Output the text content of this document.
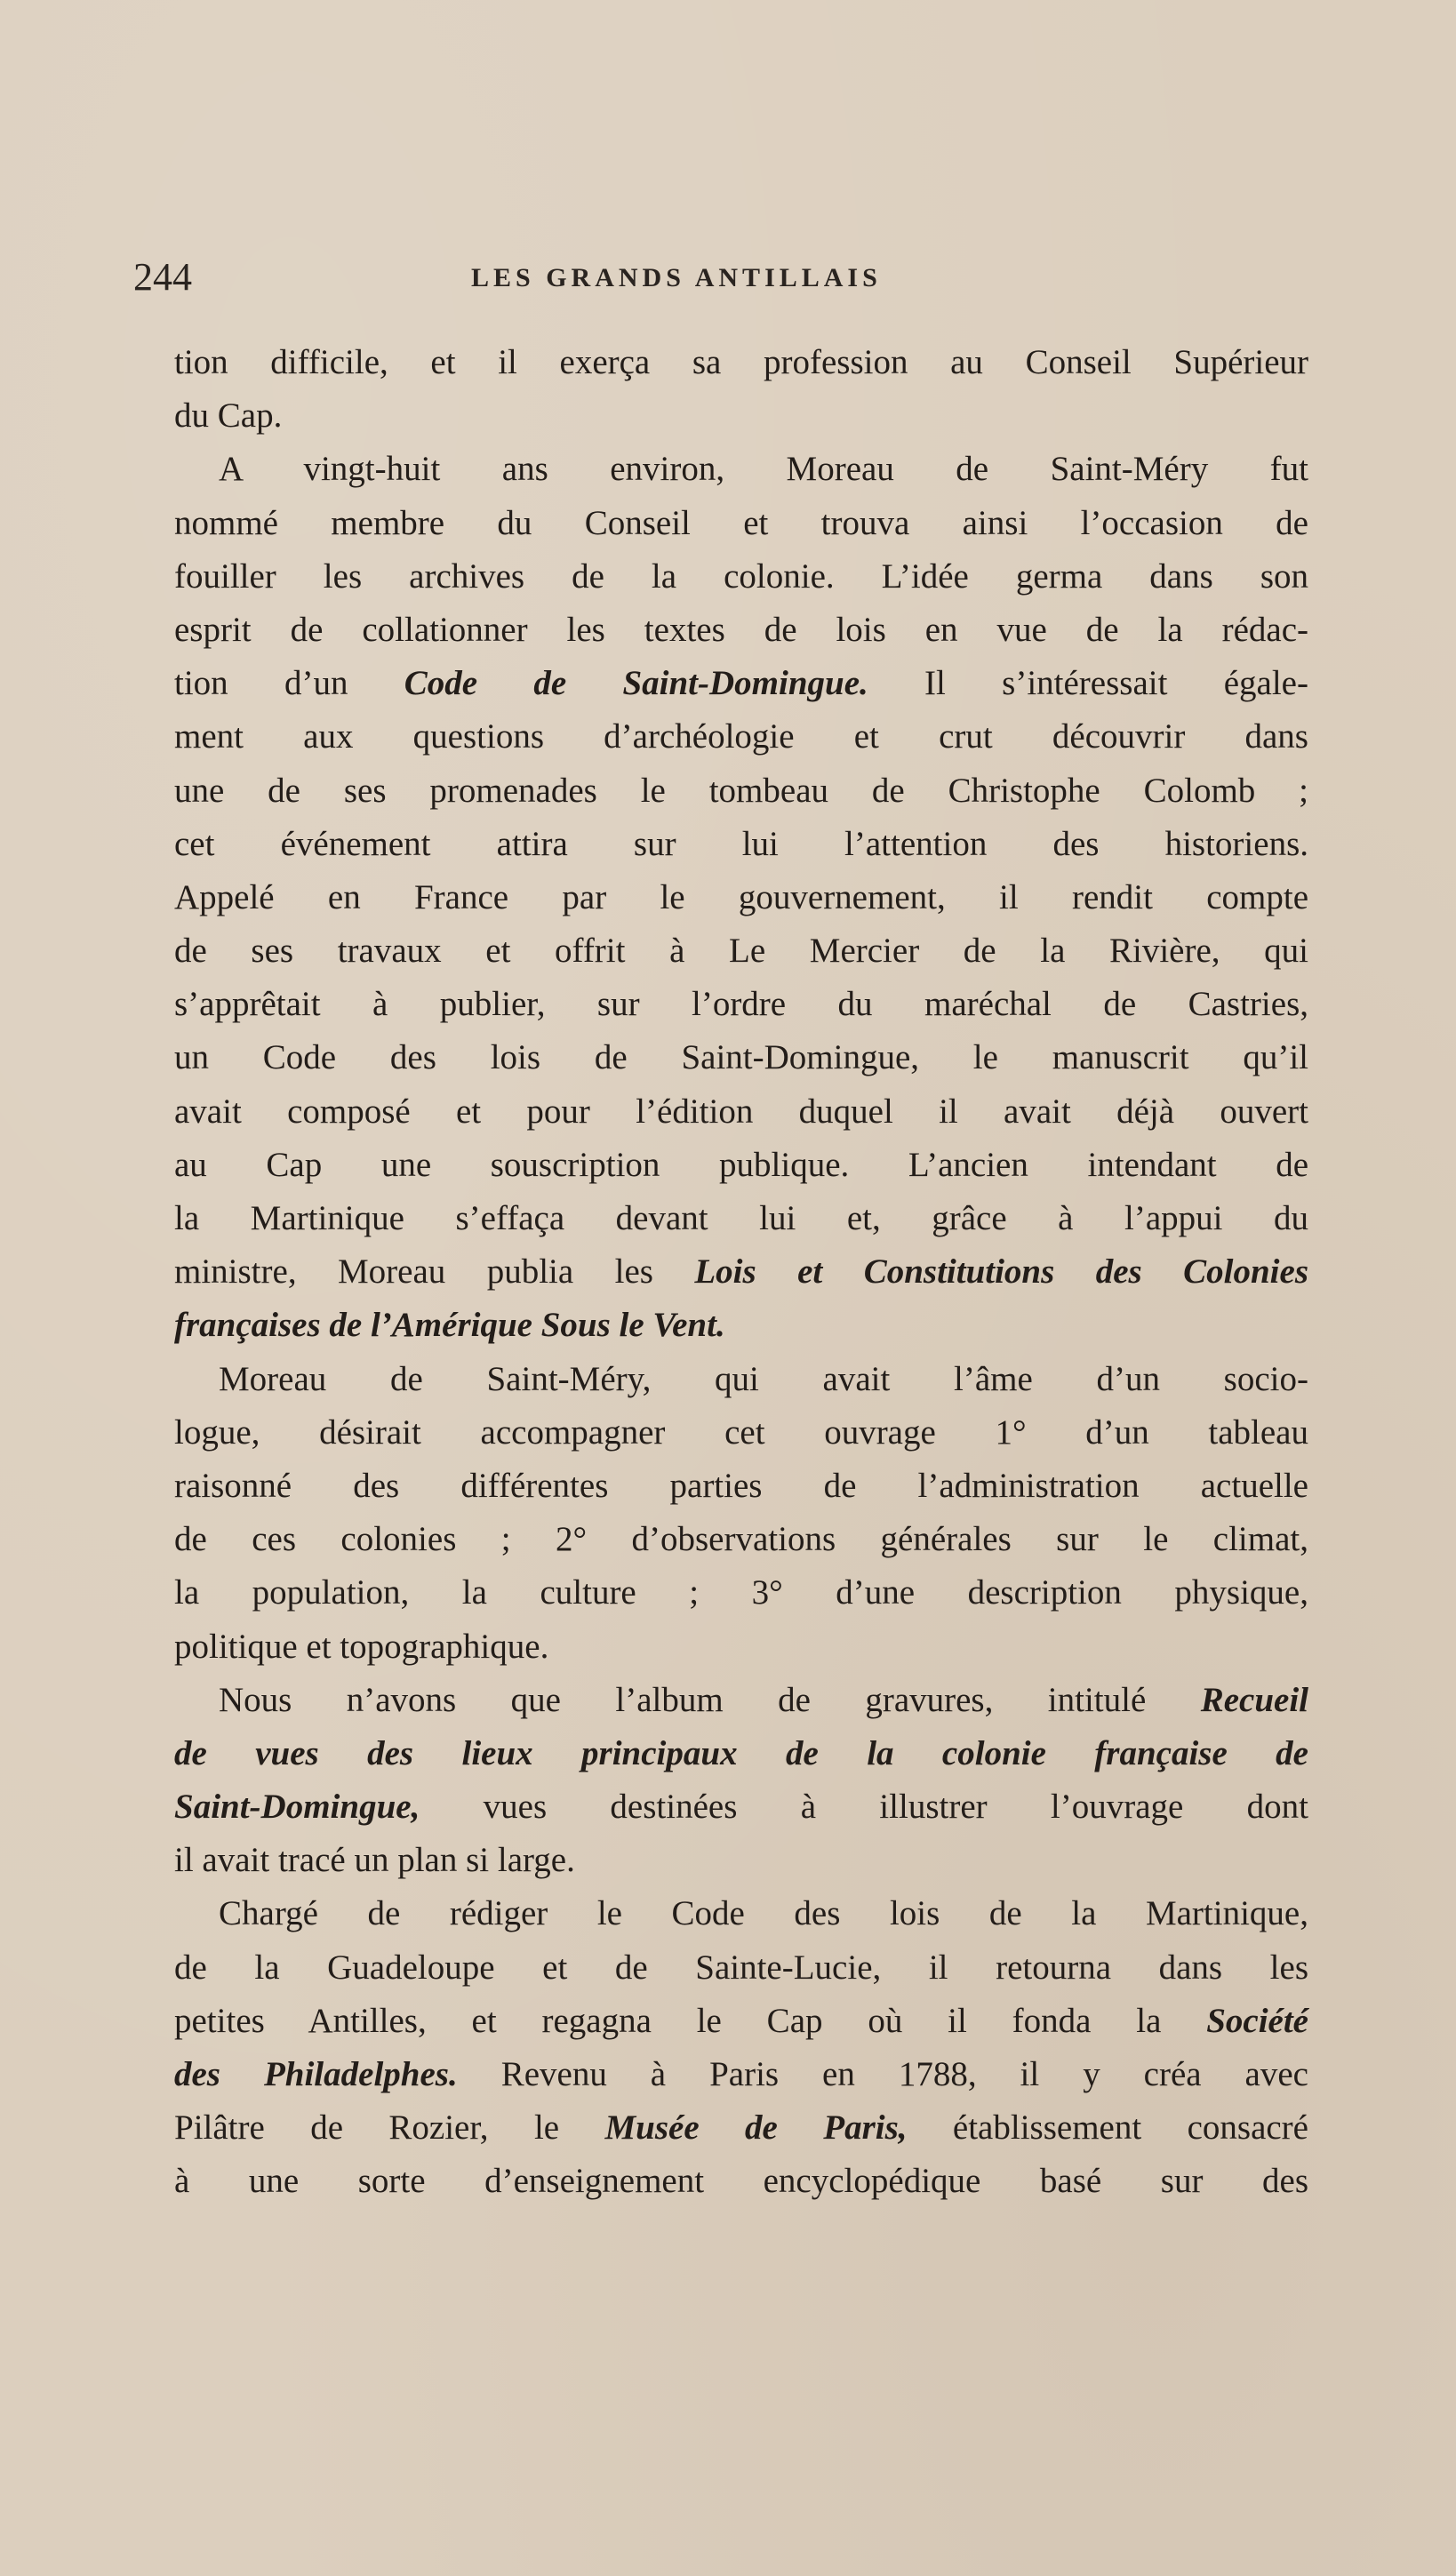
244	LES GRANDS ANTILLAIS
tion difficile, et il exerça sa profession au Conseil Supérieur
du Cap.
A vingt-huit ans environ, Moreau de Saint-Méry fut
nommé membre du Conseil et trouva ainsi l’occasion de
fouiller les archives de la colonie. L’idée germa dans son
esprit de collationner les textes de lois en vue de la rédac-
tion d’un Code de Saint-Domingue. Il s’intéressait égale-
ment aux questions d’archéologie et crut découvrir dans
une de ses promenades le tombeau de Christophe Colomb ;
cet événement attira sur lui l’attention des historiens.
Appelé en France par le gouvernement, il rendit compte
de ses travaux et offrit à Le Mercier de la Rivière, qui
s’apprêtait à publier, sur l’ordre du maréchal de Castries,
un Code des lois de Saint-Domingue, le manuscrit qu’il
avait composé et pour l’édition duquel il avait déjà ouvert
au Cap une souscription publique. L’ancien intendant de
la Martinique s’effaça devant lui et, grâce à l’appui du
ministre, Moreau publia les Lois et Constitutions des Colonies
françaises de l’Amérique Sous le Vent.
Moreau de Saint-Méry, qui avait l’âme d’un socio-
logue, désirait accompagner cet ouvrage 1° d’un tableau
raisonné des différentes parties de l’administration actuelle
de ces colonies ; 2° d’observations générales sur le climat,
la population, la culture ; 3° d’une description physique,
politique et topographique.
Nous n’avons que l’album de gravures, intitulé Recueil
de vues des lieux principaux de la colonie française de
Saint-Domingue, vues destinées à illustrer l’ouvrage dont
il avait tracé un plan si large.
Chargé de rédiger le Code des lois de la Martinique,
de la Guadeloupe et de Sainte-Lucie, il retourna dans les
petites Antilles, et regagna le Cap où il fonda la Société
des Philadelphes. Revenu à Paris en 1788, il y créa avec
Pilâtre de Rozier, le Musée de Paris, établissement consacré
à une sorte d’enseignement encyclopédique basé sur des
